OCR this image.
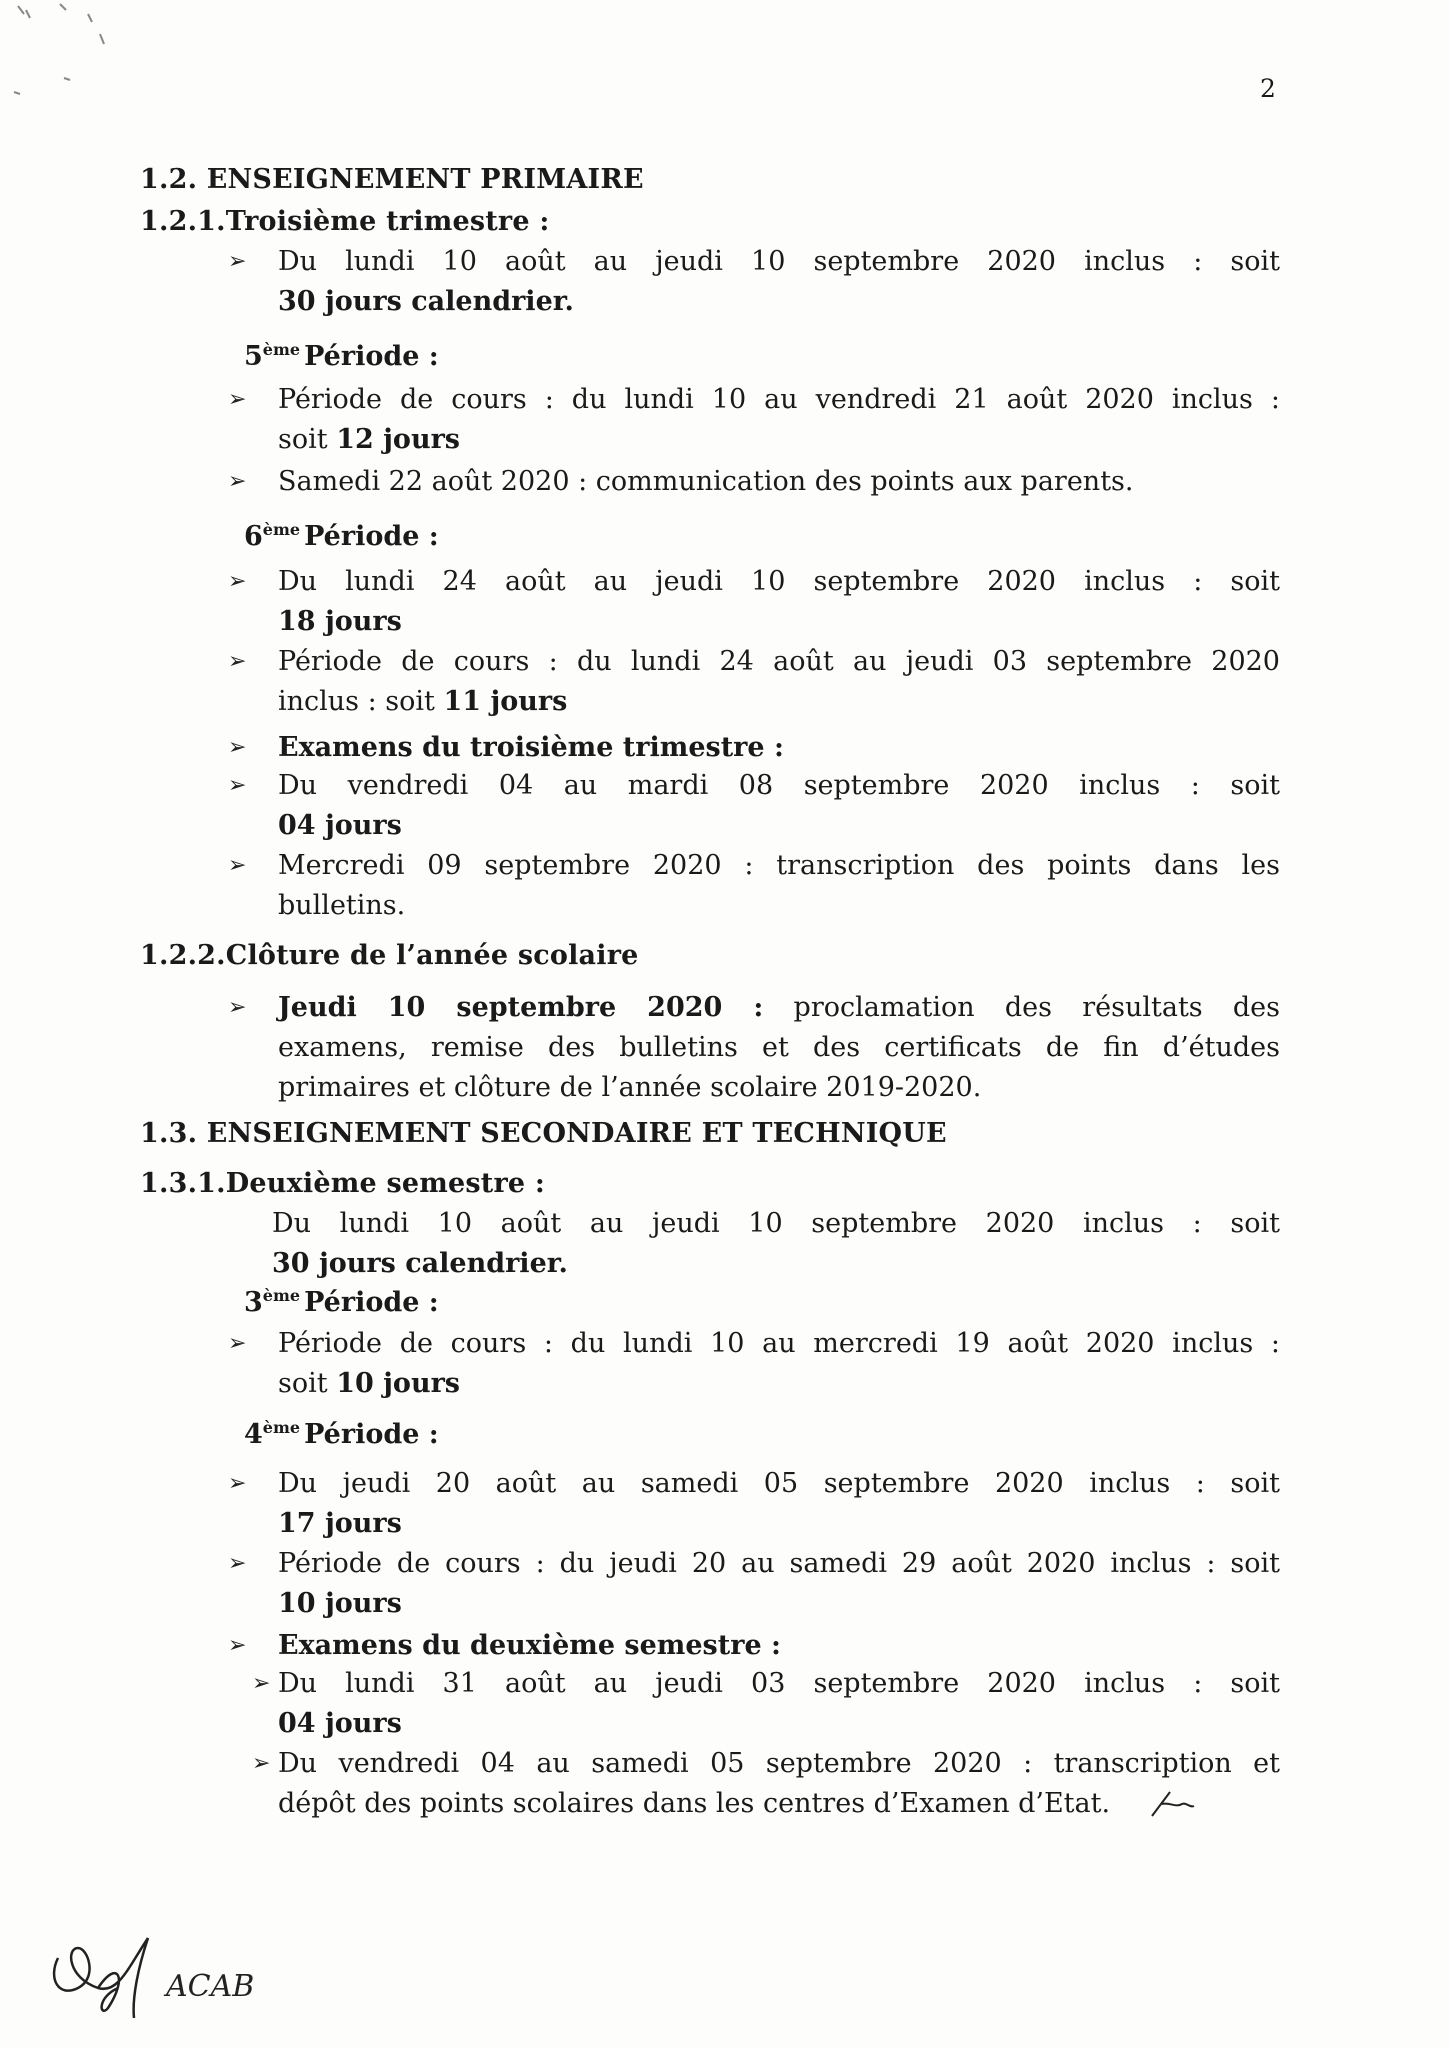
2
1.2. ENSEIGNEMENT PRIMAIRE
1.2.1.Troisième trimestre :
➢	Du lundi 10 août au jeudi 10 septembre 2020 inclus : soit
30 jours calendrier.
5ème Période :
➢	Période de cours : du lundi 10 au vendredi 21 août 2020 inclus :
soit 12 jours
➢	Samedi 22 août 2020 : communication des points aux parents.
6ème Période :
➢	Du lundi 24 août au jeudi 10 septembre 2020 inclus : soit
18 jours
➢	Période de cours : du lundi 24 août au jeudi 03 septembre 2020
inclus : soit 11 jours
➢	Examens du troisième trimestre :
➢	Du vendredi 04 au mardi 08 septembre 2020 inclus : soit
04 jours
➢	Mercredi 09 septembre 2020 : transcription des points dans les
bulletins.
1.2.2.Clôture de l’année scolaire
➢	Jeudi 10 septembre 2020 : proclamation des résultats des
examens, remise des bulletins et des certificats de fin d’études
primaires et clôture de l’année scolaire 2019-2020.
1.3. ENSEIGNEMENT SECONDAIRE ET TECHNIQUE
1.3.1.Deuxième semestre :
Du lundi 10 août au jeudi 10 septembre 2020 inclus : soit
30 jours calendrier.
3ème Période :
➢	Période de cours : du lundi 10 au mercredi 19 août 2020 inclus :
soit 10 jours
4ème Période :
➢	Du jeudi 20 août au samedi 05 septembre 2020 inclus : soit
17 jours
➢	Période de cours : du jeudi 20 au samedi 29 août 2020 inclus : soit
10 jours
➢	Examens du deuxième semestre :
➢ Du lundi 31 août au jeudi 03 septembre 2020 inclus : soit
04 jours
➢ Du vendredi 04 au samedi 05 septembre 2020 : transcription et
dépôt des points scolaires dans les centres d’Examen d’Etat.
ACAB
